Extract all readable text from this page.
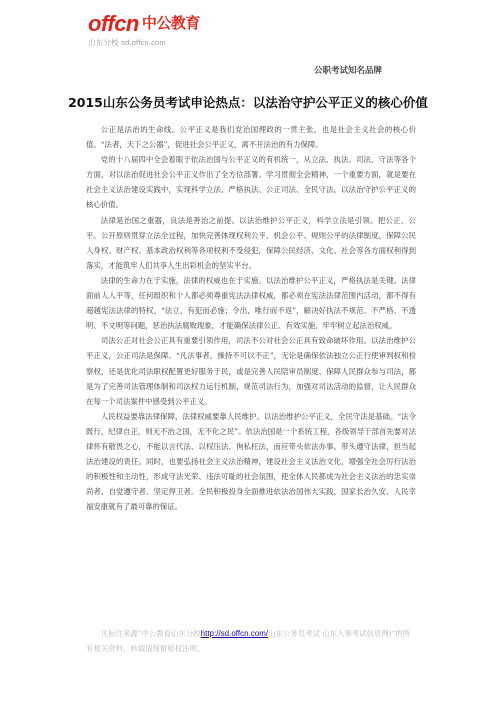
offcn 中公教育
山东分校 sd.offcn.com
公职考试知名品牌
2015山东公务员考试申论热点：以法治守护公平正义的核心价值

公正是法治的生命线。公平正义是我们党治国理政的一贯主张，也是社会主义社会的核心价值。“法者，天下之公器”，促进社会公平正义，离不开法治的有力保障。

党的十八届四中全会着眼于依法治国与公平正义的有机统一，从立法、执法、司法、守法等各个方面，对以法治促进社会公平正义作出了全方位部署。学习贯彻全会精神，一个重要方面，就是要在社会主义法治建设实践中，实现科学立法、严格执法、公正司法、全民守法，以法治守护公平正义的核心价值。

法律是治国之重器，良法是善治之前提。以法治维护公平正义，科学立法是引领。把公正、公平、公开原则贯穿立法全过程，加快完善体现权利公平、机会公平、规则公平的法律制度，保障公民人身权、财产权、基本政治权利等各项权利不受侵犯，保障公民经济、文化、社会等各方面权利得到落实，才能筑牢人们共享人生出彩机会的坚实平台。

法律的生命力在于实施，法律的权威也在于实施。以法治维护公平正义，严格执法是关键。法律面前人人平等，任何组织和个人都必须尊重宪法法律权威，都必须在宪法法律范围内活动，都不得有超越宪法法律的特权。“法立，有犯而必施；令出，唯行而不返”，解决好执法不规范、不严格、不透明、不文明等问题，惩治执法腐败现象，才能确保法律公正、有效实施，牢牢树立起法治权威。

司法公正对社会公正具有重要引领作用，司法不公对社会公正具有致命破坏作用。以法治维护公平正义，公正司法是保障。“凡法事者，操持不可以不正”，无论是确保依法独立公正行使审判权和检察权，还是优化司法职权配置更好服务于民，或是完善人民陪审员制度、保障人民群众参与司法，都是为了完善司法管理体制和司法权力运行机制，规范司法行为，加强对司法活动的监督，让人民群众在每一个司法案件中感受到公平正义。

人民权益要靠法律保障，法律权威要靠人民维护。以法治维护公平正义，全民守法是基础。“法令既行，纪律自正，则无不治之国，无不化之民”。依法治国是一个系统工程，各级领导干部首先要对法律怀有敬畏之心，不能以言代法、以权压法、徇私枉法，而应带头依法办事、带头遵守法律，担当起法治建设的责任。同时，也要弘扬社会主义法治精神，建设社会主义法治文化，增强全社会厉行法治的积极性和主动性，形成守法光荣、违法可耻的社会氛围，使全体人民都成为社会主义法治的忠实崇尚者、自觉遵守者、坚定捍卫者。全民积极投身全面推进依法治国伟大实践，国家长治久安、人民幸福安康就有了最可靠的保证。

凡标注来源“中公教育山东分校http://sd.offcn.com/山东公务员考试 山东人事考试信息网)”的所有相关资料，转载请保留版权注明。
